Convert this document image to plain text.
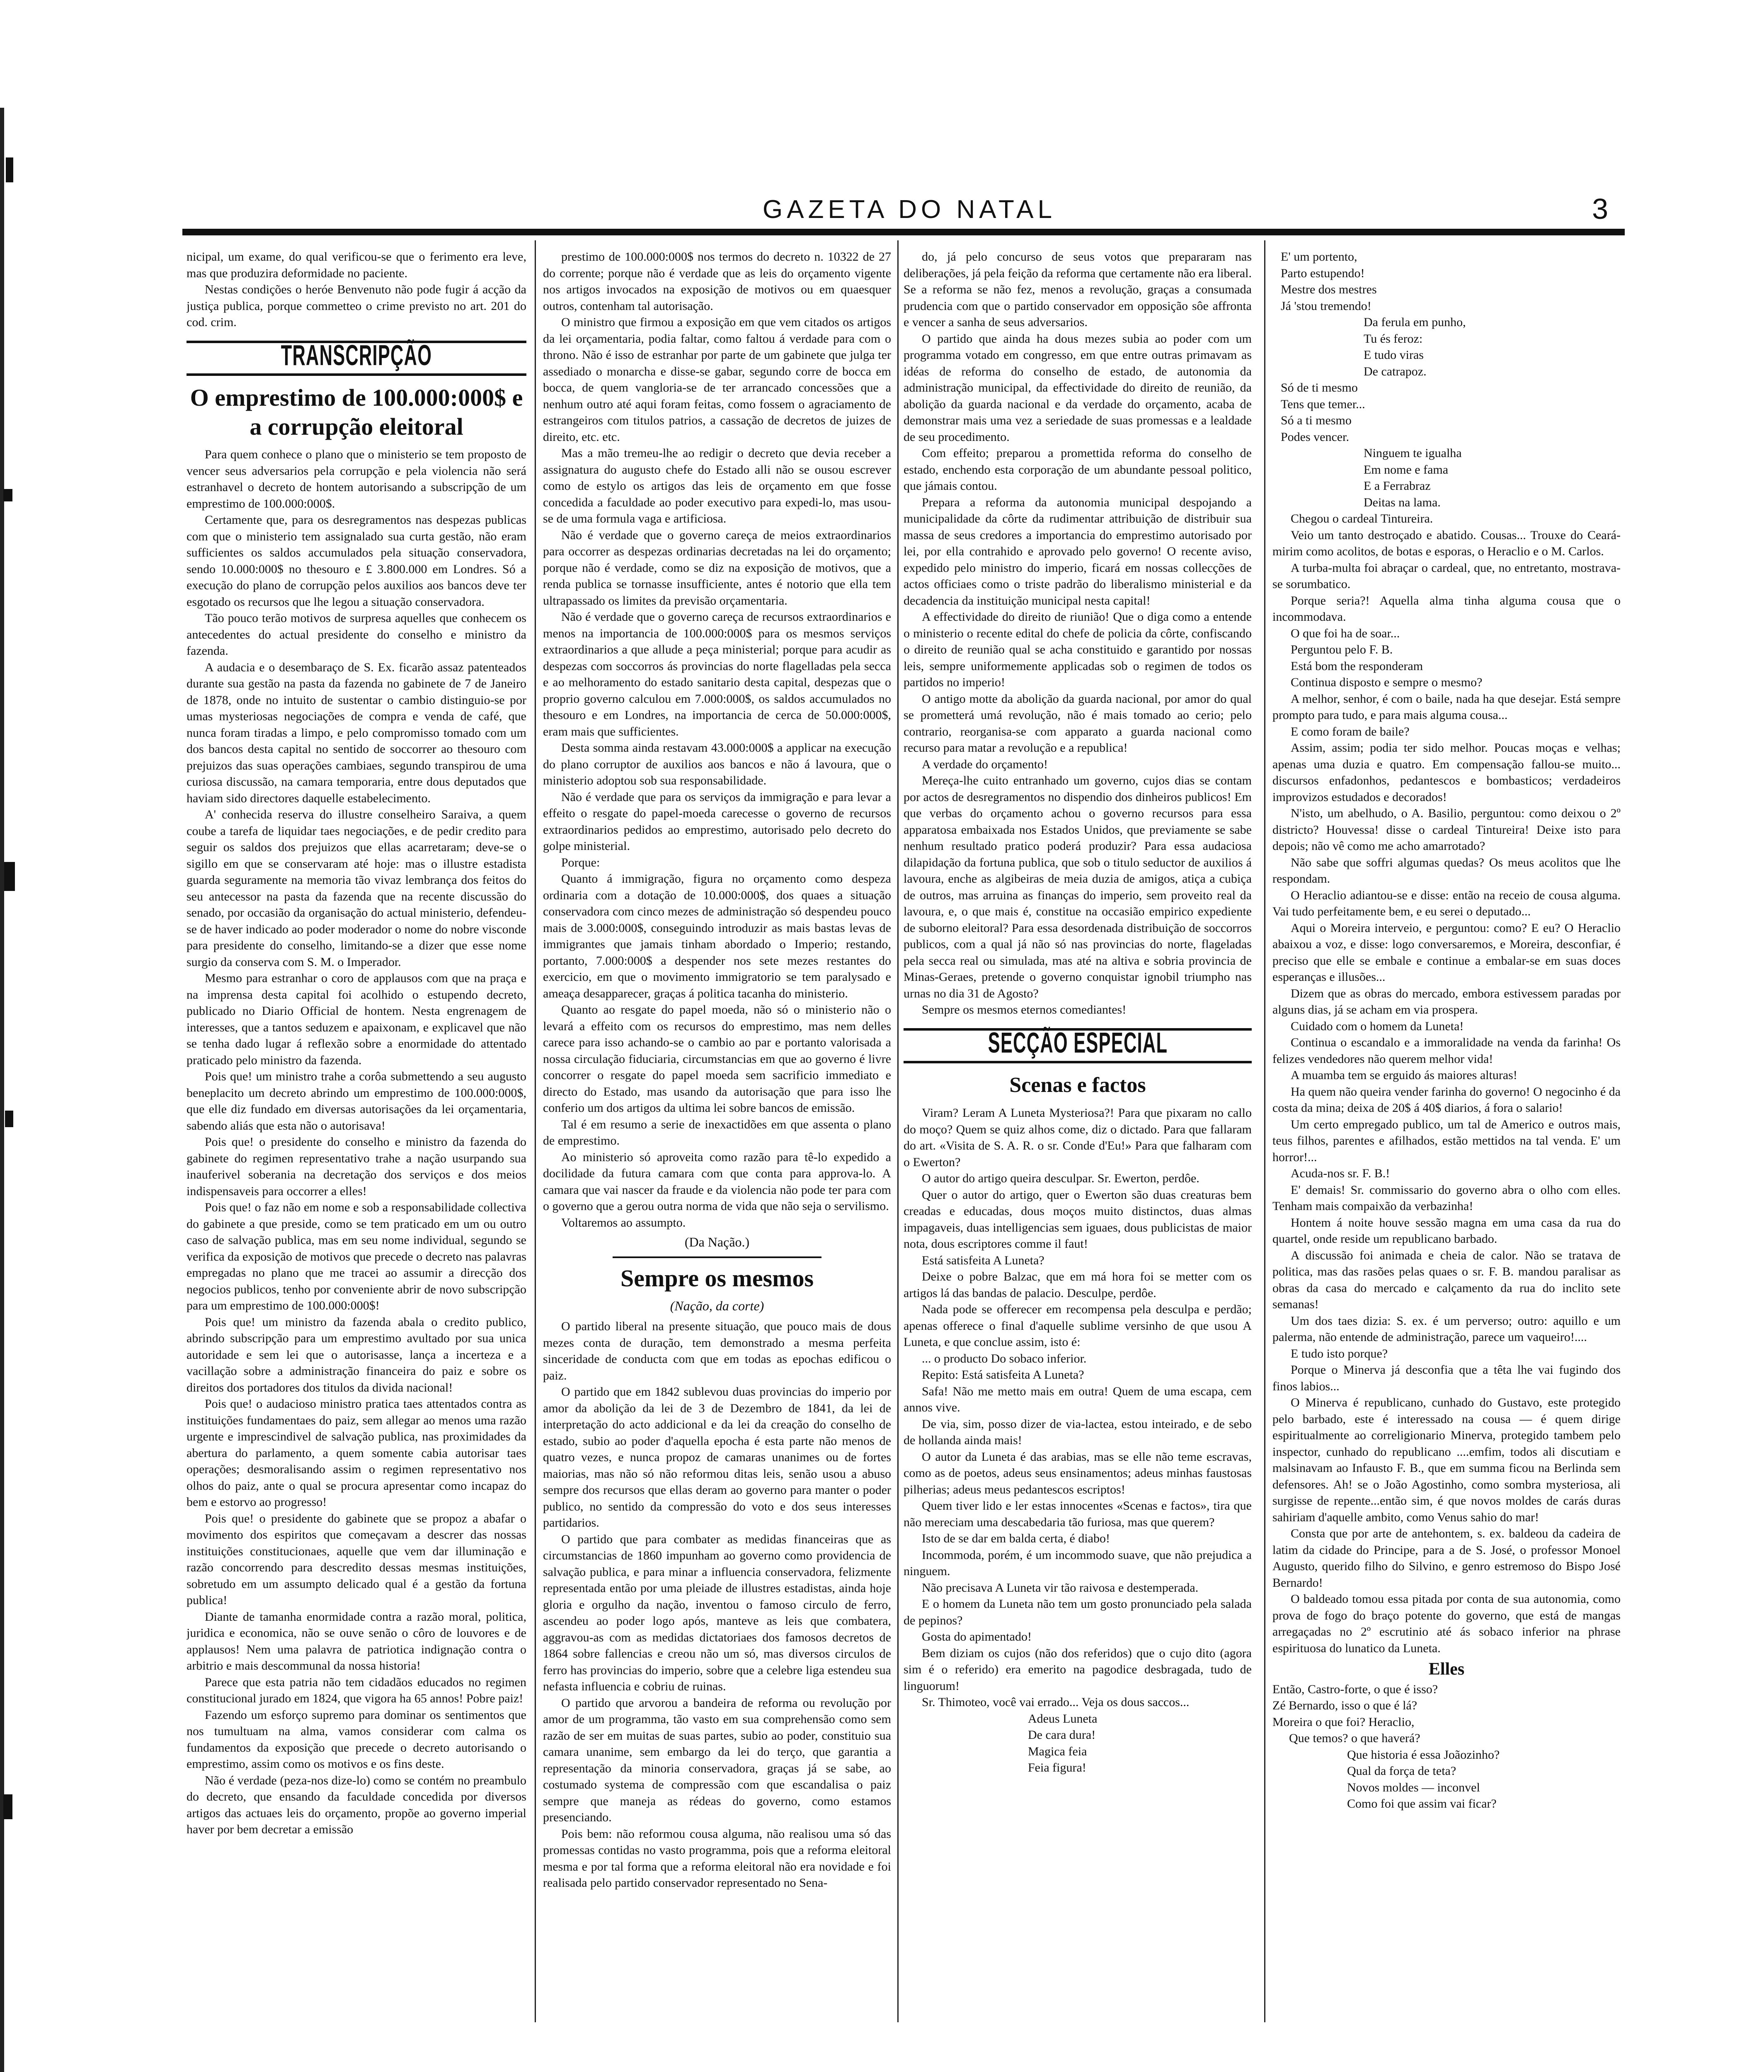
GAZETA DO NATAL	3

nicipal, um exame, do qual verificou-se que o ferimento era leve, mas que produzira deformidade no paciente.

Nestas condições o heróe Benvenuto não pode fugir á acção da justiça publica, porque commetteo o crime previsto no art. 201 do cod. crim.

TRANSCRIPÇÃO
O emprestimo de 100.000:000$ e a corrupção eleitoral

Para quem conhece o plano que o ministerio se tem proposto de vencer seus adversarios pela corrupção e pela violencia não será estranhavel o decreto de hontem autorisando a subscripção de um emprestimo de 100.000:000$.

Certamente que, para os desregramentos nas despezas publicas com que o ministerio tem assignalado sua curta gestão, não eram sufficientes os saldos accumulados pela situação conservadora, sendo 10.000:000$ no thesouro e £ 3.800.000 em Londres. Só a execução do plano de corrupção pelos auxilios aos bancos deve ter esgotado os recursos que lhe legou a situação conservadora.

Tão pouco terão motivos de surpresa aquelles que conhecem os antecedentes do actual presidente do conselho e ministro da fazenda.

A audacia e o desembaraço de S. Ex. ficarão assaz patenteados durante sua gestão na pasta da fazenda no gabinete de 7 de Janeiro de 1878, onde no intuito de sustentar o cambio distinguio-se por umas mysteriosas negociações de compra e venda de café, que nunca foram tiradas a limpo, e pelo compromisso tomado com um dos bancos desta capital no sentido de soccorrer ao thesouro com prejuizos das suas operações cambiaes, segundo transpirou de uma curiosa discussão, na camara temporaria, entre dous deputados que haviam sido directores daquelle estabelecimento.

A' conhecida reserva do illustre conselheiro Saraiva, a quem coube a tarefa de liquidar taes negociações, e de pedir credito para seguir os saldos dos prejuizos que ellas acarretaram; deve-se o sigillo em que se conservaram até hoje: mas o illustre estadista guarda seguramente na memoria tão vivaz lembrança dos feitos do seu antecessor na pasta da fazenda que na recente discussão do senado, por occasião da organisação do actual ministerio, defendeu-se de haver indicado ao poder moderador o nome do nobre visconde para presidente do conselho, limitando-se a dizer que esse nome surgio da conserva com S. M. o Imperador.

Mesmo para estranhar o coro de applausos com que na praça e na imprensa desta capital foi acolhido o estupendo decreto, publicado no Diario Official de hontem. Nesta engrenagem de interesses, que a tantos seduzem e apaixonam, e explicavel que não se tenha dado lugar á reflexão sobre a enormidade do attentado praticado pelo ministro da fazenda.

Pois que! um ministro trahe a corôa submettendo a seu augusto beneplacito um decreto abrindo um emprestimo de 100.000:000$, que elle diz fundado em diversas autorisações da lei orçamentaria, sabendo aliás que esta não o autorisava!

Pois que! o presidente do conselho e ministro da fazenda do gabinete do regimen representativo trahe a nação usurpando sua inauferivel soberania na decretação dos serviços e dos meios indispensaveis para occorrer a elles!

Pois que! o faz não em nome e sob a responsabilidade collectiva do gabinete a que preside, como se tem praticado em um ou outro caso de salvação publica, mas em seu nome individual, segundo se verifica da exposição de motivos que precede o decreto nas palavras empregadas no plano que me tracei ao assumir a direcção dos negocios publicos, tenho por conveniente abrir de novo subscripção para um emprestimo de 100.000:000$!

Pois que! um ministro da fazenda abala o credito publico, abrindo subscripção para um emprestimo avultado por sua unica autoridade e sem lei que o autorisasse, lança a incerteza e a vacillação sobre a administração financeira do paiz e sobre os direitos dos portadores dos titulos da divida nacional!

Pois que! o audacioso ministro pratica taes attentados contra as instituições fundamentaes do paiz, sem allegar ao menos uma razão urgente e imprescindivel de salvação publica, nas proximidades da abertura do parlamento, a quem somente cabia autorisar taes operações; desmoralisando assim o regimen representativo nos olhos do paiz, ante o qual se procura apresentar como incapaz do bem e estorvo ao progresso!

Pois que! o presidente do gabinete que se propoz a abafar o movimento dos espiritos que começavam a descrer das nossas instituições constitucionaes, aquelle que vem dar illuminação e razão concorrendo para descredito dessas mesmas instituições, sobretudo em um assumpto delicado qual é a gestão da fortuna publica!

Diante de tamanha enormidade contra a razão moral, politica, juridica e economica, não se ouve senão o côro de louvores e de applausos! Nem uma palavra de patriotica indignação contra o arbitrio e mais descommunal da nossa historia!

Parece que esta patria não tem cidadãos educados no regimen constitucional jurado em 1824, que vigora ha 65 annos! Pobre paiz!

Fazendo um esforço supremo para dominar os sentimentos que nos tumultuam na alma, vamos considerar com calma os fundamentos da exposição que precede o decreto autorisando o emprestimo, assim como os motivos e os fins deste.

Não é verdade (peza-nos dize-lo) como se contém no preambulo do decreto, que ensando da faculdade concedida por diversos artigos das actuaes leis do orçamento, propõe ao governo imperial haver por bem decretar a emissão

prestimo de 100.000:000$ nos termos do decreto n. 10322 de 27 do corrente; porque não é verdade que as leis do orçamento vigente nos artigos invocados na exposição de motivos ou em quaesquer outros, contenham tal autorisação.

O ministro que firmou a exposição em que vem citados os artigos da lei orçamentaria, podia faltar, como faltou á verdade para com o throno. Não é isso de estranhar por parte de um gabinete que julga ter assediado o monarcha e disse-se gabar, segundo corre de bocca em bocca, de quem vangloria-se de ter arrancado concessões que a nenhum outro até aqui foram feitas, como fossem o agraciamento de estrangeiros com titulos patrios, a cassação de decretos de juizes de direito, etc. etc.

Mas a mão tremeu-lhe ao redigir o decreto que devia receber a assignatura do augusto chefe do Estado alli não se ousou escrever como de estylo os artigos das leis de orçamento em que fosse concedida a faculdade ao poder executivo para expedi-lo, mas usou-se de uma formula vaga e artificiosa.

Não é verdade que o governo careça de meios extraordinarios para occorrer as despezas ordinarias decretadas na lei do orçamento; porque não é verdade, como se diz na exposição de motivos, que a renda publica se tornasse insufficiente, antes é notorio que ella tem ultrapassado os limites da previsão orçamentaria.

Não é verdade que o governo careça de recursos extraordinarios e menos na importancia de 100.000:000$ para os mesmos serviços extraordinarios a que allude a peça ministerial; porque para acudir as despezas com soccorros ás provincias do norte flagelladas pela secca e ao melhoramento do estado sanitario desta capital, despezas que o proprio governo calculou em 7.000:000$, os saldos accumulados no thesouro e em Londres, na importancia de cerca de 50.000:000$, eram mais que sufficientes.

Desta somma ainda restavam 43.000:000$ a applicar na execução do plano corruptor de auxilios aos bancos e não á lavoura, que o ministerio adoptou sob sua responsabilidade.

Não é verdade que para os serviços da immigração e para levar a effeito o resgate do papel-moeda carecesse o governo de recursos extraordinarios pedidos ao emprestimo, autorisado pelo decreto do golpe ministerial.

Porque:

Quanto á immigração, figura no orçamento como despeza ordinaria com a dotação de 10.000:000$, dos quaes a situação conservadora com cinco mezes de administração só despendeu pouco mais de 3.000:000$, conseguindo introduzir as mais bastas levas de immigrantes que jamais tinham abordado o Imperio; restando, portanto, 7.000:000$ a despender nos sete mezes restantes do exercicio, em que o movimento immigratorio se tem paralysado e ameaça desapparecer, graças á politica tacanha do ministerio.

Quanto ao resgate do papel moeda, não só o ministerio não o levará a effeito com os recursos do emprestimo, mas nem delles carece para isso achando-se o cambio ao par e portanto valorisada a nossa circulação fiduciaria, circumstancias em que ao governo é livre concorrer o resgate do papel moeda sem sacrificio immediato e directo do Estado, mas usando da autorisação que para isso lhe conferio um dos artigos da ultima lei sobre bancos de emissão.

Tal é em resumo a serie de inexactidões em que assenta o plano de emprestimo.

Ao ministerio só aproveita como razão para tê-lo expedido a docilidade da futura camara com que conta para approva-lo. A camara que vai nascer da fraude e da violencia não pode ter para com o governo que a gerou outra norma de vida que não seja o servilismo.

Voltaremos ao assumpto.

(Da Nação.)
Sempre os mesmos
(Nação, da corte)

O partido liberal na presente situação, que pouco mais de dous mezes conta de duração, tem demonstrado a mesma perfeita sinceridade de conducta com que em todas as epochas edificou o paiz.

O partido que em 1842 sublevou duas provincias do imperio por amor da abolição da lei de 3 de Dezembro de 1841, da lei de interpretação do acto addicional e da lei da creação do conselho de estado, subio ao poder d'aquella epocha é esta parte não menos de quatro vezes, e nunca propoz de camaras unanimes ou de fortes maiorias, mas não só não reformou ditas leis, senão usou a abuso sempre dos recursos que ellas deram ao governo para manter o poder publico, no sentido da compressão do voto e dos seus interesses partidarios.

O partido que para combater as medidas financeiras que as circumstancias de 1860 impunham ao governo como providencia de salvação publica, e para minar a influencia conservadora, felizmente representada então por uma pleiade de illustres estadistas, ainda hoje gloria e orgulho da nação, inventou o famoso circulo de ferro, ascendeu ao poder logo após, manteve as leis que combatera, aggravou-as com as medidas dictatoriaes dos famosos decretos de 1864 sobre fallencias e creou não um só, mas diversos circulos de ferro has provincias do imperio, sobre que a celebre liga estendeu sua nefasta influencia e cobriu de ruinas.

O partido que arvorou a bandeira de reforma ou revolução por amor de um programma, tão vasto em sua comprehensão como sem razão de ser em muitas de suas partes, subio ao poder, constituio sua camara unanime, sem embargo da lei do terço, que garantia a representação da minoria conservadora, graças já se sabe, ao costumado systema de compressão com que escandalisa o paiz sempre que maneja as rédeas do governo, como estamos presenciando.

Pois bem: não reformou cousa alguma, não realisou uma só das promessas contidas no vasto programma, pois que a reforma eleitoral mesma e por tal forma que a reforma eleitoral não era novidade e foi realisada pelo partido conservador representado no Sena-

do, já pelo concurso de seus votos que prepararam nas deliberações, já pela feição da reforma que certamente não era liberal. Se a reforma se não fez, menos a revolução, graças a consumada prudencia com que o partido conservador em opposição sôe affronta e vencer a sanha de seus adversarios.

O partido que ainda ha dous mezes subia ao poder com um programma votado em congresso, em que entre outras primavam as idéas de reforma do conselho de estado, de autonomia da administração municipal, da effectividade do direito de reunião, da abolição da guarda nacional e da verdade do orçamento, acaba de demonstrar mais uma vez a seriedade de suas promessas e a lealdade de seu procedimento.

Com effeito; preparou a promettida reforma do conselho de estado, enchendo esta corporação de um abundante pessoal politico, que jámais contou.

Prepara a reforma da autonomia municipal despojando a municipalidade da côrte da rudimentar attribuição de distribuir sua massa de seus credores a importancia do emprestimo autorisado por lei, por ella contrahido e aprovado pelo governo! O recente aviso, expedido pelo ministro do imperio, ficará em nossas collecções de actos officiaes como o triste padrão do liberalismo ministerial e da decadencia da instituição municipal nesta capital!

A effectividade do direito de riunião! Que o diga como a entende o ministerio o recente edital do chefe de policia da côrte, confiscando o direito de reunião qual se acha constituido e garantido por nossas leis, sempre uniformemente applicadas sob o regimen de todos os partidos no imperio!

O antigo motte da abolição da guarda nacional, por amor do qual se prometterá umá revolução, não é mais tomado ao cerio; pelo contrario, reorganisa-se com apparato a guarda nacional como recurso para matar a revolução e a republica!

A verdade do orçamento!

Mereça-lhe cuito entranhado um governo, cujos dias se contam por actos de desregramentos no dispendio dos dinheiros publicos! Em que verbas do orçamento achou o governo recursos para essa apparatosa embaixada nos Estados Unidos, que previamente se sabe nenhum resultado pratico poderá produzir? Para essa audaciosa dilapidação da fortuna publica, que sob o titulo seductor de auxilios á lavoura, enche as algibeiras de meia duzia de amigos, atiça a cubiça de outros, mas arruina as finanças do imperio, sem proveito real da lavoura, e, o que mais é, constitue na occasião empirico expediente de suborno eleitoral? Para essa desordenada distribuição de soccorros publicos, com a qual já não só nas provincias do norte, flageladas pela secca real ou simulada, mas até na altiva e sobria provincia de Minas-Geraes, pretende o governo conquistar ignobil triumpho nas urnas no dia 31 de Agosto?

Sempre os mesmos eternos comediantes!

SECÇÃO ESPECIAL
Scenas e factos

Viram? Leram A Luneta Mysteriosa?! Para que pixaram no callo do moço? Quem se quiz alhos come, diz o dictado. Para que fallaram do art. «Visita de S. A. R. o sr. Conde d'Eu!» Para que falharam com o Ewerton?

O autor do artigo queira desculpar. Sr. Ewerton, perdôe.

Quer o autor do artigo, quer o Ewerton são duas creaturas bem creadas e educadas, dous moços muito distinctos, duas almas impagaveis, duas intelligencias sem iguaes, dous publicistas de maior nota, dous escriptores comme il faut!

Está satisfeita A Luneta?

Deixe o pobre Balzac, que em má hora foi se metter com os artigos lá das bandas de palacio. Desculpe, perdôe.

Nada pode se offerecer em recompensa pela desculpa e perdão; apenas offerece o final d'aquelle sublime versinho de que usou A Luneta, e que conclue assim, isto é:

... o producto Do sobaco inferior.

Repito: Está satisfeita A Luneta?

Safa! Não me metto mais em outra! Quem de uma escapa, cem annos vive.

De via, sim, posso dizer de via-lactea, estou inteirado, e de sebo de hollanda ainda mais!

O autor da Luneta é das arabias, mas se elle não teme escravas, como as de poetos, adeus seus ensinamentos; adeus minhas faustosas pilherias; adeus meus pedantescos escriptos!

Quem tiver lido e ler estas innocentes «Scenas e factos», tira que não mereciam uma descabedaria tão furiosa, mas que querem?

Isto de se dar em balda certa, é diabo!

Incommoda, porém, é um incommodo suave, que não prejudica a ninguem.

Não precisava A Luneta vir tão raivosa e destemperada.

E o homem da Luneta não tem um gosto pronunciado pela salada de pepinos?

Gosta do apimentado!

Bem diziam os cujos (não dos referidos) que o cujo dito (agora sim é o referido) era emerito na pagodice desbragada, tudo de linguorum!

Sr. Thimoteo, você vai errado... Veja os dous saccos...

Adeus Luneta
De cara dura!
Magica feia
Feia figura!
E' um portento,
Parto estupendo!
Mestre dos mestres
Já 'stou tremendo!
Da ferula em punho,
Tu és feroz:
E tudo viras
De catrapoz.
Só de ti mesmo
Tens que temer...
Só a ti mesmo
Podes vencer.
Ninguem te igualha
Em nome e fama
E a Ferrabraz
Deitas na lama.

Chegou o cardeal Tintureira.

Veio um tanto destroçado e abatido. Cousas... Trouxe do Ceará-mirim como acolitos, de botas e esporas, o Heraclio e o M. Carlos.

A turba-multa foi abraçar o cardeal, que, no entretanto, mostrava-se sorumbatico.

Porque seria?! Aquella alma tinha alguma cousa que o incommodava.

O que foi ha de soar...

Perguntou pelo F. B.

Está bom the responderam

Continua disposto e sempre o mesmo?

A melhor, senhor, é com o baile, nada ha que desejar. Está sempre prompto para tudo, e para mais alguma cousa...

E como foram de baile?

Assim, assim; podia ter sido melhor. Poucas moças e velhas; apenas uma duzia e quatro. Em compensação fallou-se muito... discursos enfadonhos, pedantescos e bombasticos; verdadeiros improvizos estudados e decorados!

N'isto, um abelhudo, o A. Basilio, perguntou: como deixou o 2º districto? Houvessa! disse o cardeal Tintureira! Deixe isto para depois; não vê como me acho amarrotado?

Não sabe que soffri algumas quedas? Os meus acolitos que lhe respondam.

O Heraclio adiantou-se e disse: então na receio de cousa alguma. Vai tudo perfeitamente bem, e eu serei o deputado...

Aqui o Moreira interveio, e perguntou: como? E eu? O Heraclio abaixou a voz, e disse: logo conversaremos, e Moreira, desconfiar, é preciso que elle se embale e continue a embalar-se em suas doces esperanças e illusões...

Dizem que as obras do mercado, embora estivessem paradas por alguns dias, já se acham em via prospera.

Cuidado com o homem da Luneta!

Continua o escandalo e a immoralidade na venda da farinha! Os felizes vendedores não querem melhor vida!

A muamba tem se erguido ás maiores alturas!

Ha quem não queira vender farinha do governo! O negocinho é da costa da mina; deixa de 20$ á 40$ diarios, á fora o salario!

Um certo empregado publico, um tal de Americo e outros mais, teus filhos, parentes e afilhados, estão mettidos na tal venda. E' um horror!...

Acuda-nos sr. F. B.!

E' demais! Sr. commissario do governo abra o olho com elles. Tenham mais compaixão da verbazinha!

Hontem á noite houve sessão magna em uma casa da rua do quartel, onde reside um republicano barbado.

A discussão foi animada e cheia de calor. Não se tratava de politica, mas das rasões pelas quaes o sr. F. B. mandou paralisar as obras da casa do mercado e calçamento da rua do inclito sete semanas!

Um dos taes dizia: S. ex. é um perverso; outro: aquillo e um palerma, não entende de administração, parece um vaqueiro!....

E tudo isto porque?

Porque o Minerva já desconfia que a têta lhe vai fugindo dos finos labios...

O Minerva é republicano, cunhado do Gustavo, este protegido pelo barbado, este é interessado na cousa — é quem dirige espiritualmente ao correligionario Minerva, protegido tambem pelo inspector, cunhado do republicano ....emfim, todos ali discutiam e malsinavam ao Infausto F. B., que em summa ficou na Berlinda sem defensores. Ah! se o João Agostinho, como sombra mysteriosa, ali surgisse de repente...então sim, é que novos moldes de carás duras sahiriam d'aquelle ambito, como Venus sahio do mar!

Consta que por arte de antehontem, s. ex. baldeou da cadeira de latim da cidade do Principe, para a de S. José, o professor Monoel Augusto, querido filho do Silvino, e genro estremoso do Bispo José Bernardo!

O baldeado tomou essa pitada por conta de sua autonomia, como prova de fogo do braço potente do governo, que está de mangas arregaçadas no 2º escrutinio até ás sobaco inferior na phrase espirituosa do lunatico da Luneta.

Elles
Então, Castro-forte, o que é isso?
Zé Bernardo, isso o que é lá?
Moreira o que foi? Heraclio,
Que temos? o que haverá?
Que historia é essa Joãozinho?
Qual da força de teta?
Novos moldes — inconvel
Como foi que assim vai ficar?
